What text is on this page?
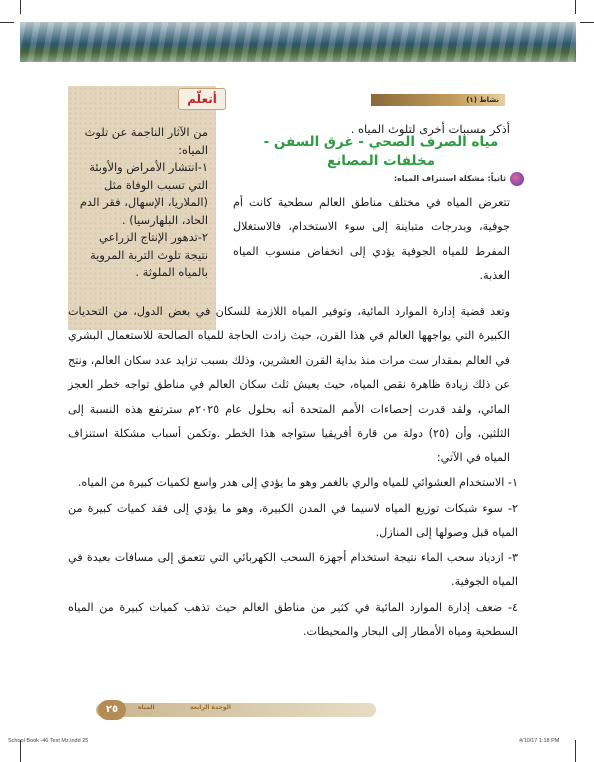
أتعلّم

من الآثار الناجمة عن تلوث المياه:

١-انتشار الأمراض والأوبئة التي تسبب الوفاة مثل (الملاريا، الإسهال، فقر الدم الحاد، البلهارسيا) .

٢-تدهور الإنتاج الزراعي نتيجة تلوث التربة المروية بالمياه الملوثة .

نشاط (١)
أذكر مسببات أخرى لتلوث المياه .
مياه الصرف الصحي - غرق السفن - مخلفات المصانع
ثانياً: مشكلة استنزاف المياه:

تتعرض المياه في مختلف مناطق العالم سطحية كانت أم جوفية، وبدرجات متباينة إلى سوء الاستخدام، فالاستغلال المفرط للمياه الجوفية يؤدي إلى انخفاض منسوب المياه العذبة.

وتعد قضية إدارة الموارد المائية، وتوفير المياه اللازمة للسكان في بعض الدول، من التحديات الكبيرة التي يواجهها العالم في هذا القرن، حيث زادت الحاجة للمياه الصالحة للاستعمال البشري في العالم بمقدار ست مرات منذ بداية القرن العشرين، وذلك بسبب تزايد عدد سكان العالم، ونتج عن ذلك زيادة ظاهرة نقص المياه، حيث يعيش ثلث سكان العالم في مناطق تواجه خطر العجز المائي، ولقد قدرت إحصاءات الأمم المتحدة أنه بحلول عام ٢٠٢٥م سترتفع هذه النسبة إلى الثلثين، وأن (٢٥) دولة من قارة أفريقيا ستواجه هذا الخطر .وتكمن أسباب مشكلة استنزاف المياه في الآتي:

١- الاستخدام العشوائي للمياه والري بالغمر وهو ما يؤدي إلى هدر واسع لكميات كبيرة من المياه.
٢- سوء شبكات توزيع المياه لاسيما في المدن الكبيرة، وهو ما يؤدي إلى فقد كميات كبيرة من المياه قبل وصولها إلى المنازل.
٣- ازدياد سحب الماء نتيجة استخدام أجهزة السحب الكهربائي التي تتعمق إلى مسافات بعيدة في المياه الجوفية.
٤- ضعف إدارة الموارد المائية في كثير من مناطق العالم حيث تذهب كميات كبيرة من المياه السطحية ومياه الأمطار إلى البحار والمحيطات.
٢٥	المياه	الوحدة الرابعة
School Book -46 Text Mz.indd 25	4/10/17 1:18 PM
